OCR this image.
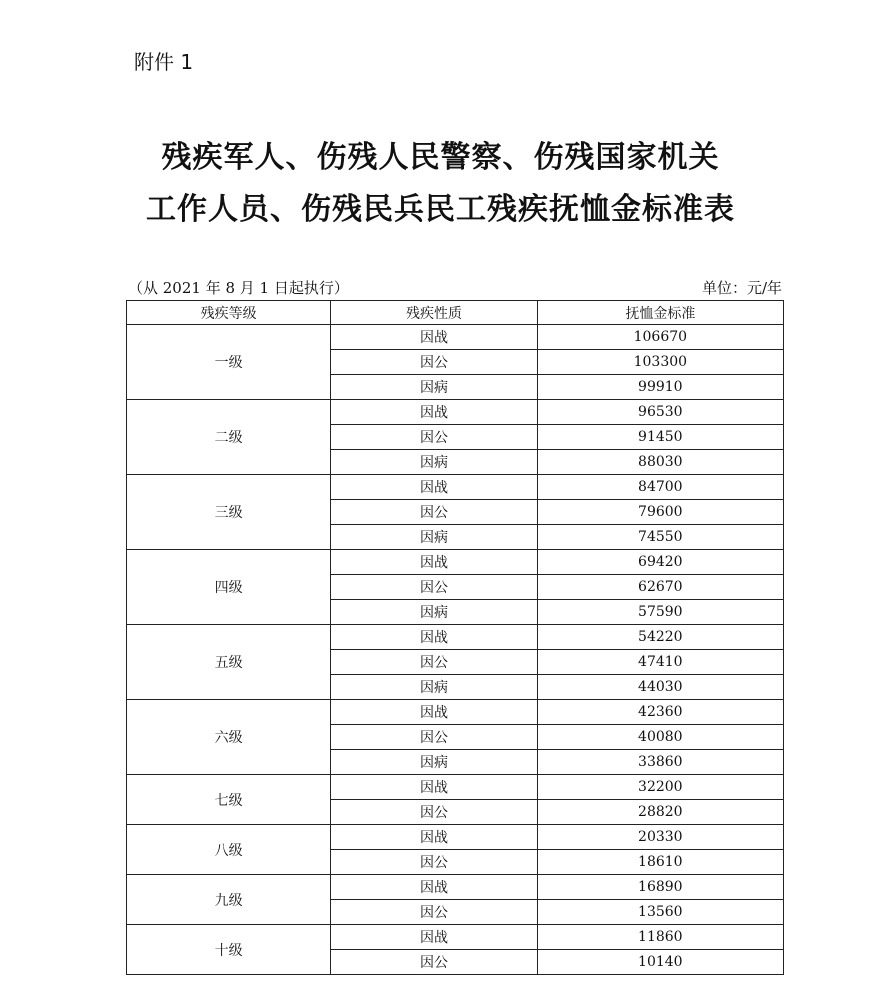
附件 1
残疾军人、伤残人民警察、伤残国家机关
工作人员、伤残民兵民工残疾抚恤金标准表
（从 2021 年 8 月 1 日起执行）	单位：元/年
残疾等级	残疾性质	抚恤金标准
一级	因战	106670
	因公	103300
	因病	99910
二级	因战	96530
	因公	91450
	因病	88030
三级	因战	84700
	因公	79600
	因病	74550
四级	因战	69420
	因公	62670
	因病	57590
五级	因战	54220
	因公	47410
	因病	44030
六级	因战	42360
	因公	40080
	因病	33860
七级	因战	32200
	因公	28820
八级	因战	20330
	因公	18610
九级	因战	16890
	因公	13560
十级	因战	11860
	因公	10140
